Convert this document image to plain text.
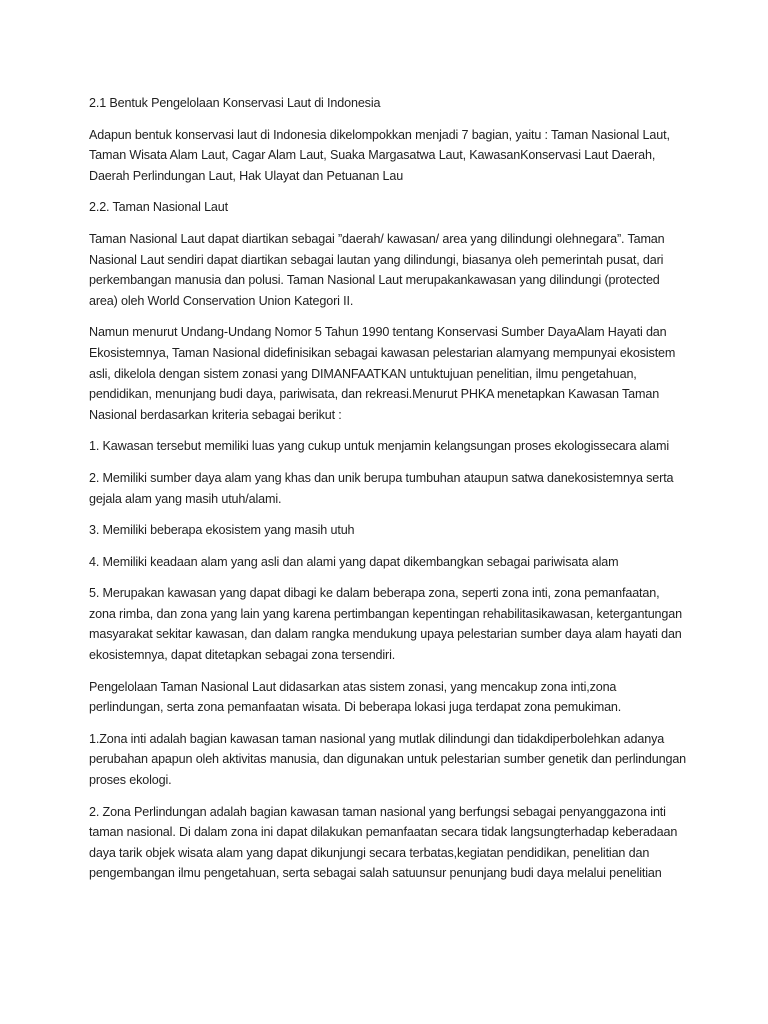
2.1 Bentuk Pengelolaan Konservasi Laut di Indonesia

Adapun bentuk konservasi laut di Indonesia dikelompokkan menjadi 7 bagian, yaitu : Taman Nasional Laut, Taman Wisata Alam Laut, Cagar Alam Laut, Suaka Margasatwa Laut, KawasanKonservasi Laut Daerah, Daerah Perlindungan Laut, Hak Ulayat dan Petuanan Lau

2.2. Taman Nasional Laut

Taman Nasional Laut dapat diartikan sebagai ”daerah/ kawasan/ area yang dilindungi olehnegara”. Taman Nasional Laut sendiri dapat diartikan sebagai lautan yang dilindungi, biasanya oleh pemerintah pusat, dari perkembangan manusia dan polusi. Taman Nasional Laut merupakankawasan yang dilindungi (protected area) oleh World Conservation Union Kategori II.

Namun menurut Undang-Undang Nomor 5 Tahun 1990 tentang Konservasi Sumber DayaAlam Hayati dan Ekosistemnya, Taman Nasional didefinisikan sebagai kawasan pelestarian alamyang mempunyai ekosistem asli, dikelola dengan sistem zonasi yang DIMANFAATKAN untuktujuan penelitian, ilmu pengetahuan, pendidikan, menunjang budi daya, pariwisata, dan rekreasi.Menurut PHKA menetapkan Kawasan Taman Nasional berdasarkan kriteria sebagai berikut :

1. Kawasan tersebut memiliki luas yang cukup untuk menjamin kelangsungan proses ekologissecara alami

2. Memiliki sumber daya alam yang khas dan unik berupa tumbuhan ataupun satwa danekosistemnya serta gejala alam yang masih utuh/alami.

3. Memiliki beberapa ekosistem yang masih utuh

4. Memiliki keadaan alam yang asli dan alami yang dapat dikembangkan sebagai pariwisata alam

5. Merupakan kawasan yang dapat dibagi ke dalam beberapa zona, seperti zona inti, zona pemanfaatan, zona rimba, dan zona yang lain yang karena pertimbangan kepentingan rehabilitasikawasan, ketergantungan masyarakat sekitar kawasan, dan dalam rangka mendukung upaya pelestarian sumber daya alam hayati dan ekosistemnya, dapat ditetapkan sebagai zona tersendiri.

Pengelolaan Taman Nasional Laut didasarkan atas sistem zonasi, yang mencakup zona inti,zona perlindungan, serta zona pemanfaatan wisata. Di beberapa lokasi juga terdapat zona pemukiman.

1.Zona inti adalah bagian kawasan taman nasional yang mutlak dilindungi dan tidakdiperbolehkan adanya perubahan apapun oleh aktivitas manusia, dan digunakan untuk pelestarian sumber genetik dan perlindungan proses ekologi.

2. Zona Perlindungan adalah bagian kawasan taman nasional yang berfungsi sebagai penyanggazona inti taman nasional. Di dalam zona ini dapat dilakukan pemanfaatan secara tidak langsungterhadap keberadaan daya tarik objek wisata alam yang dapat dikunjungi secara terbatas,kegiatan pendidikan, penelitian dan pengembangan ilmu pengetahuan, serta sebagai salah satuunsur penunjang budi daya melalui penelitian
